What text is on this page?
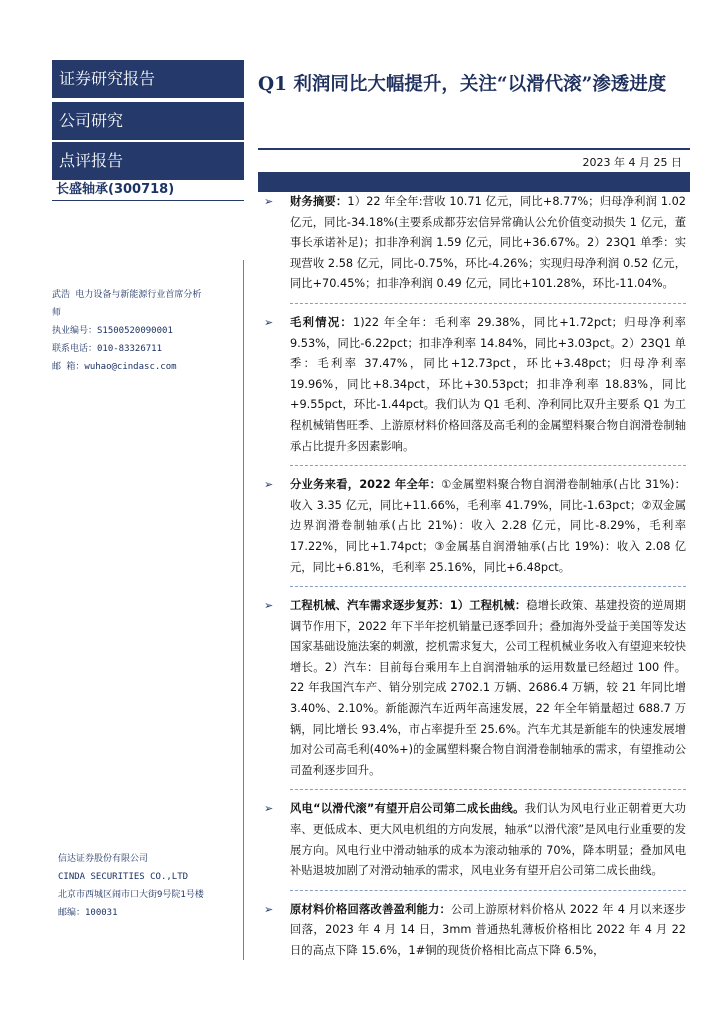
证券研究报告
公司研究
点评报告
长盛轴承(300718)
武浩 电力设备与新能源行业首席分析
师
执业编号：S1500520090001
联系电话：010-83326711
邮 箱：wuhao@cindasc.com
信达证券股份有限公司
CINDA SECURITIES CO.,LTD
北京市西城区闹市口大街9号院1号楼
邮编：100031
Q1 利润同比大幅提升，关注“以滑代滚”渗透进度
2023 年 4 月 25 日

➢ 财务摘要：1）22 年全年:营收 10.71 亿元，同比+8.77%；归母净利润 1.02 亿元，同比-34.18%(主要系成都芬宏信异常确认公允价值变动损失 1 亿元，董事长承诺补足)；扣非净利润 1.59 亿元，同比+36.67%。2）23Q1 单季：实现营收 2.58 亿元，同比-0.75%，环比-4.26%；实现归母净利润 0.52 亿元，同比+70.45%；扣非净利润 0.49 亿元，同比+101.28%，环比-11.04%。

➢ 毛利情况：1)22 年全年：毛利率 29.38%，同比+1.72pct；归母净利率 9.53%，同比-6.22pct；扣非净利率 14.84%，同比+3.03pct。2）23Q1 单季：毛利率 37.47%，同比+12.73pct，环比+3.48pct；归母净利率 19.96%，同比+8.34pct，环比+30.53pct；扣非净利率 18.83%，同比+9.55pct，环比-1.44pct。我们认为 Q1 毛利、净利同比双升主要系 Q1 为工程机械销售旺季、上游原材料价格回落及高毛利的金属塑料聚合物自润滑卷制轴承占比提升多因素影响。

➢ 分业务来看，2022 年全年：①金属塑料聚合物自润滑卷制轴承(占比 31%)：收入 3.35 亿元，同比+11.66%，毛利率 41.79%，同比-1.63pct；②双金属边界润滑卷制轴承(占比 21%)：收入 2.28 亿元，同比-8.29%，毛利率 17.22%，同比+1.74pct；③金属基自润滑轴承(占比 19%)：收入 2.08 亿元，同比+6.81%，毛利率 25.16%，同比+6.48pct。

➢ 工程机械、汽车需求逐步复苏：1）工程机械：稳增长政策、基建投资的逆周期调节作用下，2022 年下半年挖机销量已逐季回升；叠加海外受益于美国等发达国家基础设施法案的刺激，挖机需求复大，公司工程机械业务收入有望迎来较快增长。2）汽车：目前每台乘用车上自润滑轴承的运用数量已经超过 100 件。22 年我国汽车产、销分别完成 2702.1 万辆、2686.4 万辆，较 21 年同比增 3.40%、2.10%。新能源汽车近两年高速发展，22 年全年销量超过 688.7 万辆，同比增长 93.4%，市占率提升至 25.6%。汽车尤其是新能车的快速发展增加对公司高毛利(40%+)的金属塑料聚合物自润滑卷制轴承的需求，有望推动公司盈利逐步回升。

➢ 风电“以滑代滚”有望开启公司第二成长曲线。我们认为风电行业正朝着更大功率、更低成本、更大风电机组的方向发展，轴承“以滑代滚”是风电行业重要的发展方向。风电行业中滑动轴承的成本为滚动轴承的 70%，降本明显；叠加风电补贴退坡加剧了对滑动轴承的需求，风电业务有望开启公司第二成长曲线。

➢ 原材料价格回落改善盈利能力：公司上游原材料价格从 2022 年 4 月以来逐步回落，2023 年 4 月 14 日，3mm 普通热轧薄板价格相比 2022 年 4 月 22 日的高点下降 15.6%，1#铜的现货价格相比高点下降 6.5%，
